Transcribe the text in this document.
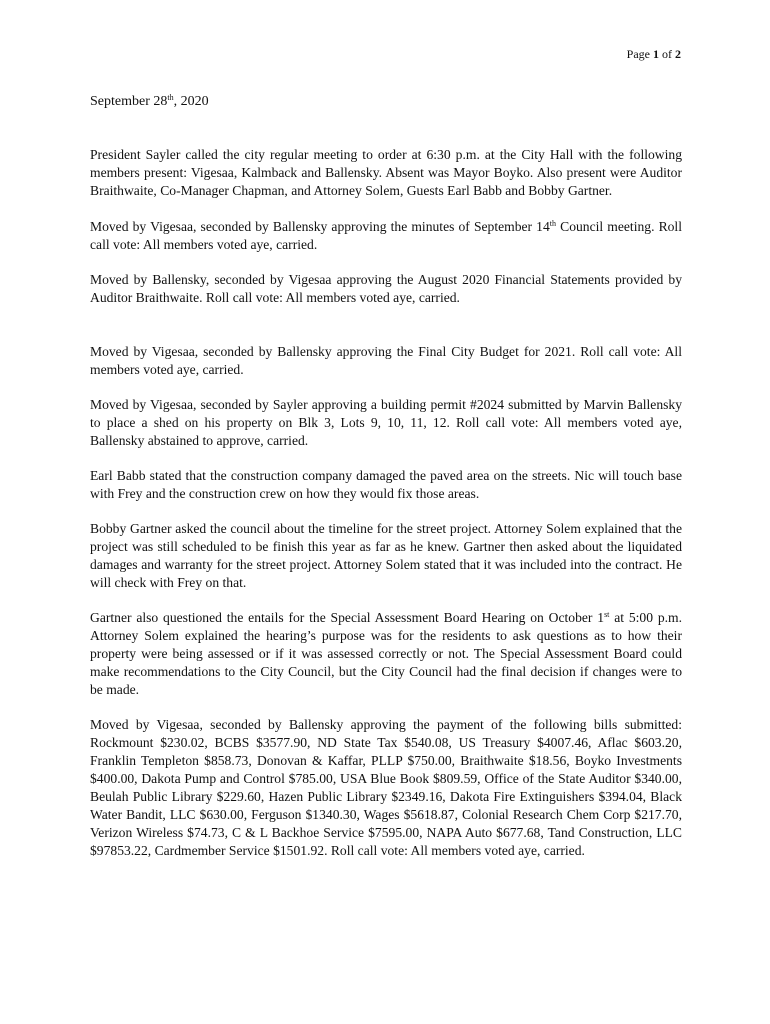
Page 1 of 2
September 28th, 2020

President Sayler called the city regular meeting to order at 6:30 p.m. at the City Hall with the following members present: Vigesaa, Kalmback and Ballensky. Absent was Mayor Boyko. Also present were Auditor Braithwaite, Co-Manager Chapman, and Attorney Solem, Guests Earl Babb and Bobby Gartner.

Moved by Vigesaa, seconded by Ballensky approving the minutes of September 14th Council meeting. Roll call vote: All members voted aye, carried.

Moved by Ballensky, seconded by Vigesaa approving the August 2020 Financial Statements provided by Auditor Braithwaite. Roll call vote: All members voted aye, carried.

Moved by Vigesaa, seconded by Ballensky approving the Final City Budget for 2021. Roll call vote: All members voted aye, carried.

Moved by Vigesaa, seconded by Sayler approving a building permit #2024 submitted by Marvin Ballensky to place a shed on his property on Blk 3, Lots 9, 10, 11, 12. Roll call vote: All members voted aye, Ballensky abstained to approve, carried.

Earl Babb stated that the construction company damaged the paved area on the streets. Nic will touch base with Frey and the construction crew on how they would fix those areas.

Bobby Gartner asked the council about the timeline for the street project. Attorney Solem explained that the project was still scheduled to be finish this year as far as he knew. Gartner then asked about the liquidated damages and warranty for the street project. Attorney Solem stated that it was included into the contract. He will check with Frey on that.

Gartner also questioned the entails for the Special Assessment Board Hearing on October 1st at 5:00 p.m. Attorney Solem explained the hearing’s purpose was for the residents to ask questions as to how their property were being assessed or if it was assessed correctly or not. The Special Assessment Board could make recommendations to the City Council, but the City Council had the final decision if changes were to be made.

Moved by Vigesaa, seconded by Ballensky approving the payment of the following bills submitted: Rockmount $230.02, BCBS $3577.90, ND State Tax $540.08, US Treasury $4007.46, Aflac $603.20, Franklin Templeton $858.73, Donovan & Kaffar, PLLP $750.00, Braithwaite $18.56, Boyko Investments $400.00, Dakota Pump and Control $785.00, USA Blue Book $809.59, Office of the State Auditor $340.00, Beulah Public Library $229.60, Hazen Public Library $2349.16, Dakota Fire Extinguishers $394.04, Black Water Bandit, LLC $630.00, Ferguson $1340.30, Wages $5618.87, Colonial Research Chem Corp $217.70, Verizon Wireless $74.73, C & L Backhoe Service $7595.00, NAPA Auto $677.68, Tand Construction, LLC $97853.22, Cardmember Service $1501.92. Roll call vote: All members voted aye, carried.
